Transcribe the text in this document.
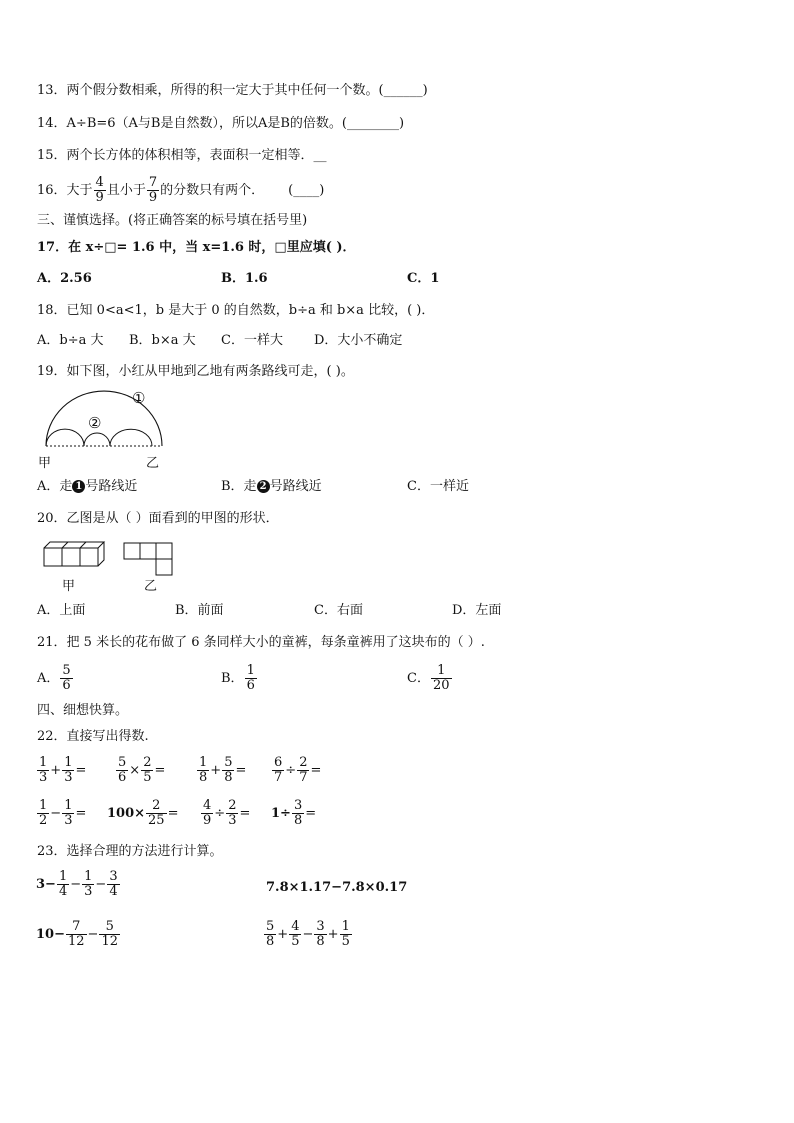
13．两个假分数相乘，所得的积一定大于其中任何一个数。(______)
14．A÷B=6（A与B是自然数），所以A是B的倍数。(________)
15．两个长方体的体积相等，表面积一定相等．__
16．大于 $\frac{4}{9}$ 且小于 $\frac{7}{9}$ 的分数只有两个． (____)
三、谨慎选择。(将正确答案的标号填在括号里)
17．在 x÷□= 1.6 中，当 x=1.6 时，□里应填( )．
A．2.56	B．1.6	C．1
18．已知 0<a<1，b 是大于 0 的自然数，b÷a 和 b×a 比较，( )．
A．b÷a 大 B．b×a 大 C．一样大 D．大小不确定
19．如下图，小红从甲地到乙地有两条路线可走，( )。
①
②
甲	乙
A．走 1 号路线近	B．走 2 号路线近	C．一样近
20．乙图是从（ ）面看到的甲图的形状．
甲	乙
A．上面	B．前面	C．右面	D．左面
21．把 5 米长的花布做了 6 条同样大小的童裤，每条童裤用了这块布的（ ）.
A． $\frac{5}{6}$	B． $\frac{1}{6}$	C． $\frac{1}{20}$
四、细想快算。
22．直接写出得数.
$\frac{1}{3} + \frac{1}{3} = \frac{5}{6} \times \frac{2}{5} = \frac{1}{8} + \frac{5}{8} = \frac{6}{7} \div \frac{2}{7}$ =
$\frac{1}{2} - \frac{1}{3} = 100\times \frac{2}{25} = \frac{4}{9} \div \frac{2}{3} = 1\div \frac{3}{8}$ =
23．选择合理的方法进行计算。
$3- \frac{1}{4} - \frac{1}{3} - \frac{3}{4}$	7.8×1.17−7.8×0.17
$10- \frac{7}{12} - \frac{5}{12}$	$\frac{5}{8} + \frac{4}{5} - \frac{3}{8} + \frac{1}{5}$
